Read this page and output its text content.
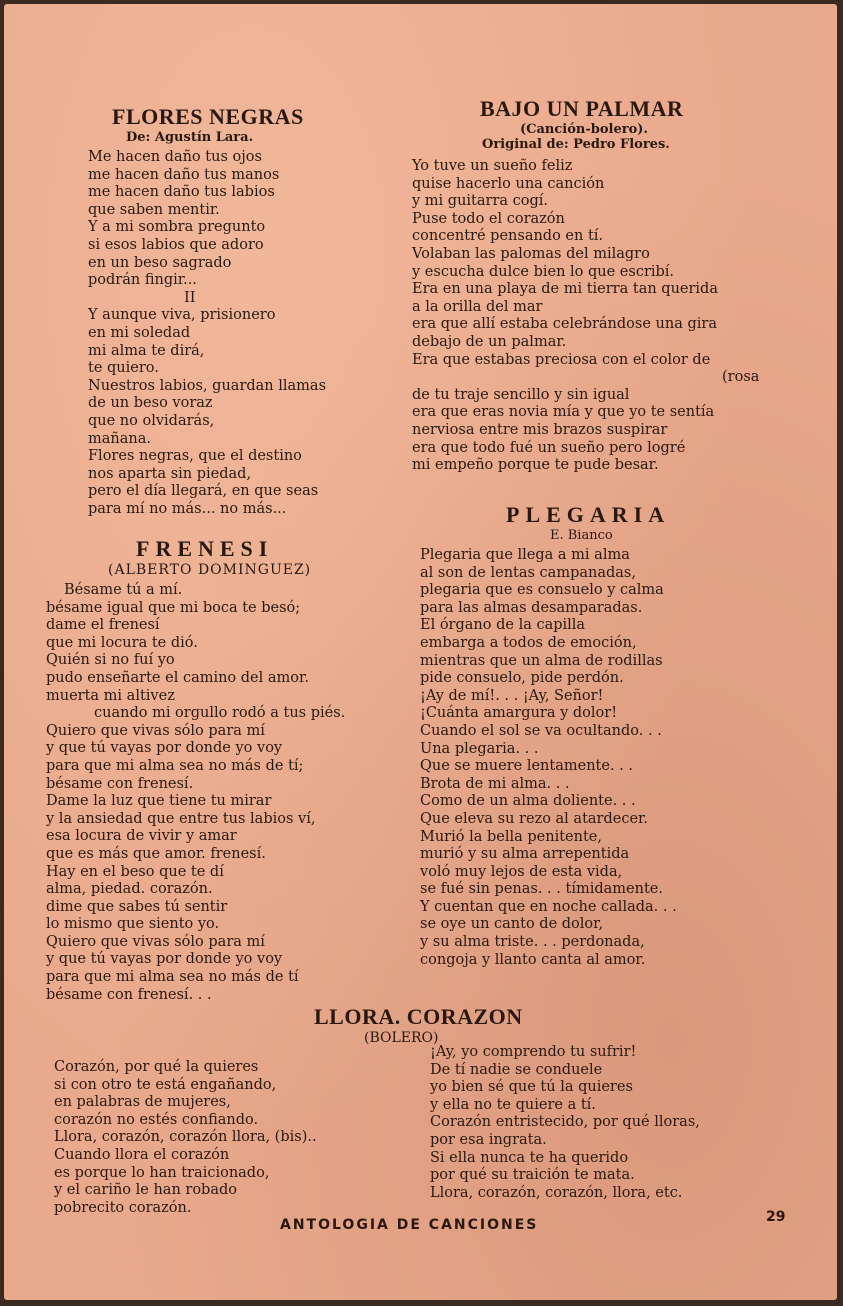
FLORES NEGRAS

De: Agustín Lara.

Me hacen daño tus ojos
me hacen daño tus manos
me hacen daño tus labios
que saben mentir.
Y a mi sombra pregunto
si esos labios que adoro
en un beso sagrado
podrán fingir...
II
Y aunque viva, prisionero
en mi soledad
mi alma te dirá,
te quiero.
Nuestros labios, guardan llamas
de un beso voraz
que no olvidarás,
mañana.
Flores negras, que el destino
nos aparta sin piedad,
pero el día llegará, en que seas
para mí no más... no más...
FRENESI

(ALBERTO DOMINGUEZ)

Bésame tú a mí.
bésame igual que mi boca te besó;
dame el frenesí
que mi locura te dió.
Quién si no fuí yo
pudo enseñarte el camino del amor.
muerta mi altivez
cuando mi orgullo rodó a tus piés.
Quiero que vivas sólo para mí
y que tú vayas por donde yo voy
para que mi alma sea no más de tí;
bésame con frenesí.
Dame la luz que tiene tu mirar
y la ansiedad que entre tus labios ví,
esa locura de vivir y amar
que es más que amor. frenesí.
Hay en el beso que te dí
alma, piedad. corazón.
dime que sabes tú sentir
lo mismo que siento yo.
Quiero que vivas sólo para mí
y que tú vayas por donde yo voy
para que mi alma sea no más de tí
bésame con frenesí. . .
BAJO UN PALMAR

(Canción-bolero).

Original de: Pedro Flores.

Yo tuve un sueño feliz
quise hacerlo una canción
y mi guitarra cogí.
Puse todo el corazón
concentré pensando en tí.
Volaban las palomas del milagro
y escucha dulce bien lo que escribí.
Era en una playa de mi tierra tan querida
a la orilla del mar
era que allí estaba celebrándose una gira
debajo de un palmar.
Era que estabas preciosa con el color de
(rosa
de tu traje sencillo y sin igual
era que eras novia mía y que yo te sentía
nerviosa entre mis brazos suspirar
era que todo fué un sueño pero logré
mi empeño porque te pude besar.
PLEGARIA

E. Bianco

Plegaria que llega a mi alma
al son de lentas campanadas,
plegaria que es consuelo y calma
para las almas desamparadas.
El órgano de la capilla
embarga a todos de emoción,
mientras que un alma de rodillas
pide consuelo, pide perdón.
¡Ay de mí!. . . ¡Ay, Señor!
¡Cuánta amargura y dolor!
Cuando el sol se va ocultando. . .
Una plegaria. . .
Que se muere lentamente. . .
Brota de mi alma. . .
Como de un alma doliente. . .
Que eleva su rezo al atardecer.
Murió la bella penitente,
murió y su alma arrepentida
voló muy lejos de esta vida,
se fué sin penas. . . tímidamente.
Y cuentan que en noche callada. . .
se oye un canto de dolor,
y su alma triste. . . perdonada,
congoja y llanto canta al amor.
LLORA. CORAZON

(BOLERO)

Corazón, por qué la quieres
si con otro te está engañando,
en palabras de mujeres,
corazón no estés confiando.
Llora, corazón, corazón llora, (bis)..
Cuando llora el corazón
es porque lo han traicionado,
y el cariño le han robado
pobrecito corazón.
¡Ay, yo comprendo tu sufrir!
De tí nadie se conduele
yo bien sé que tú la quieres
y ella no te quiere a tí.
Corazón entristecido, por qué lloras,
por esa ingrata.
Si ella nunca te ha querido
por qué su traición te mata.
Llora, corazón, corazón, llora, etc.
ANTOLOGIA DE CANCIONES	29
